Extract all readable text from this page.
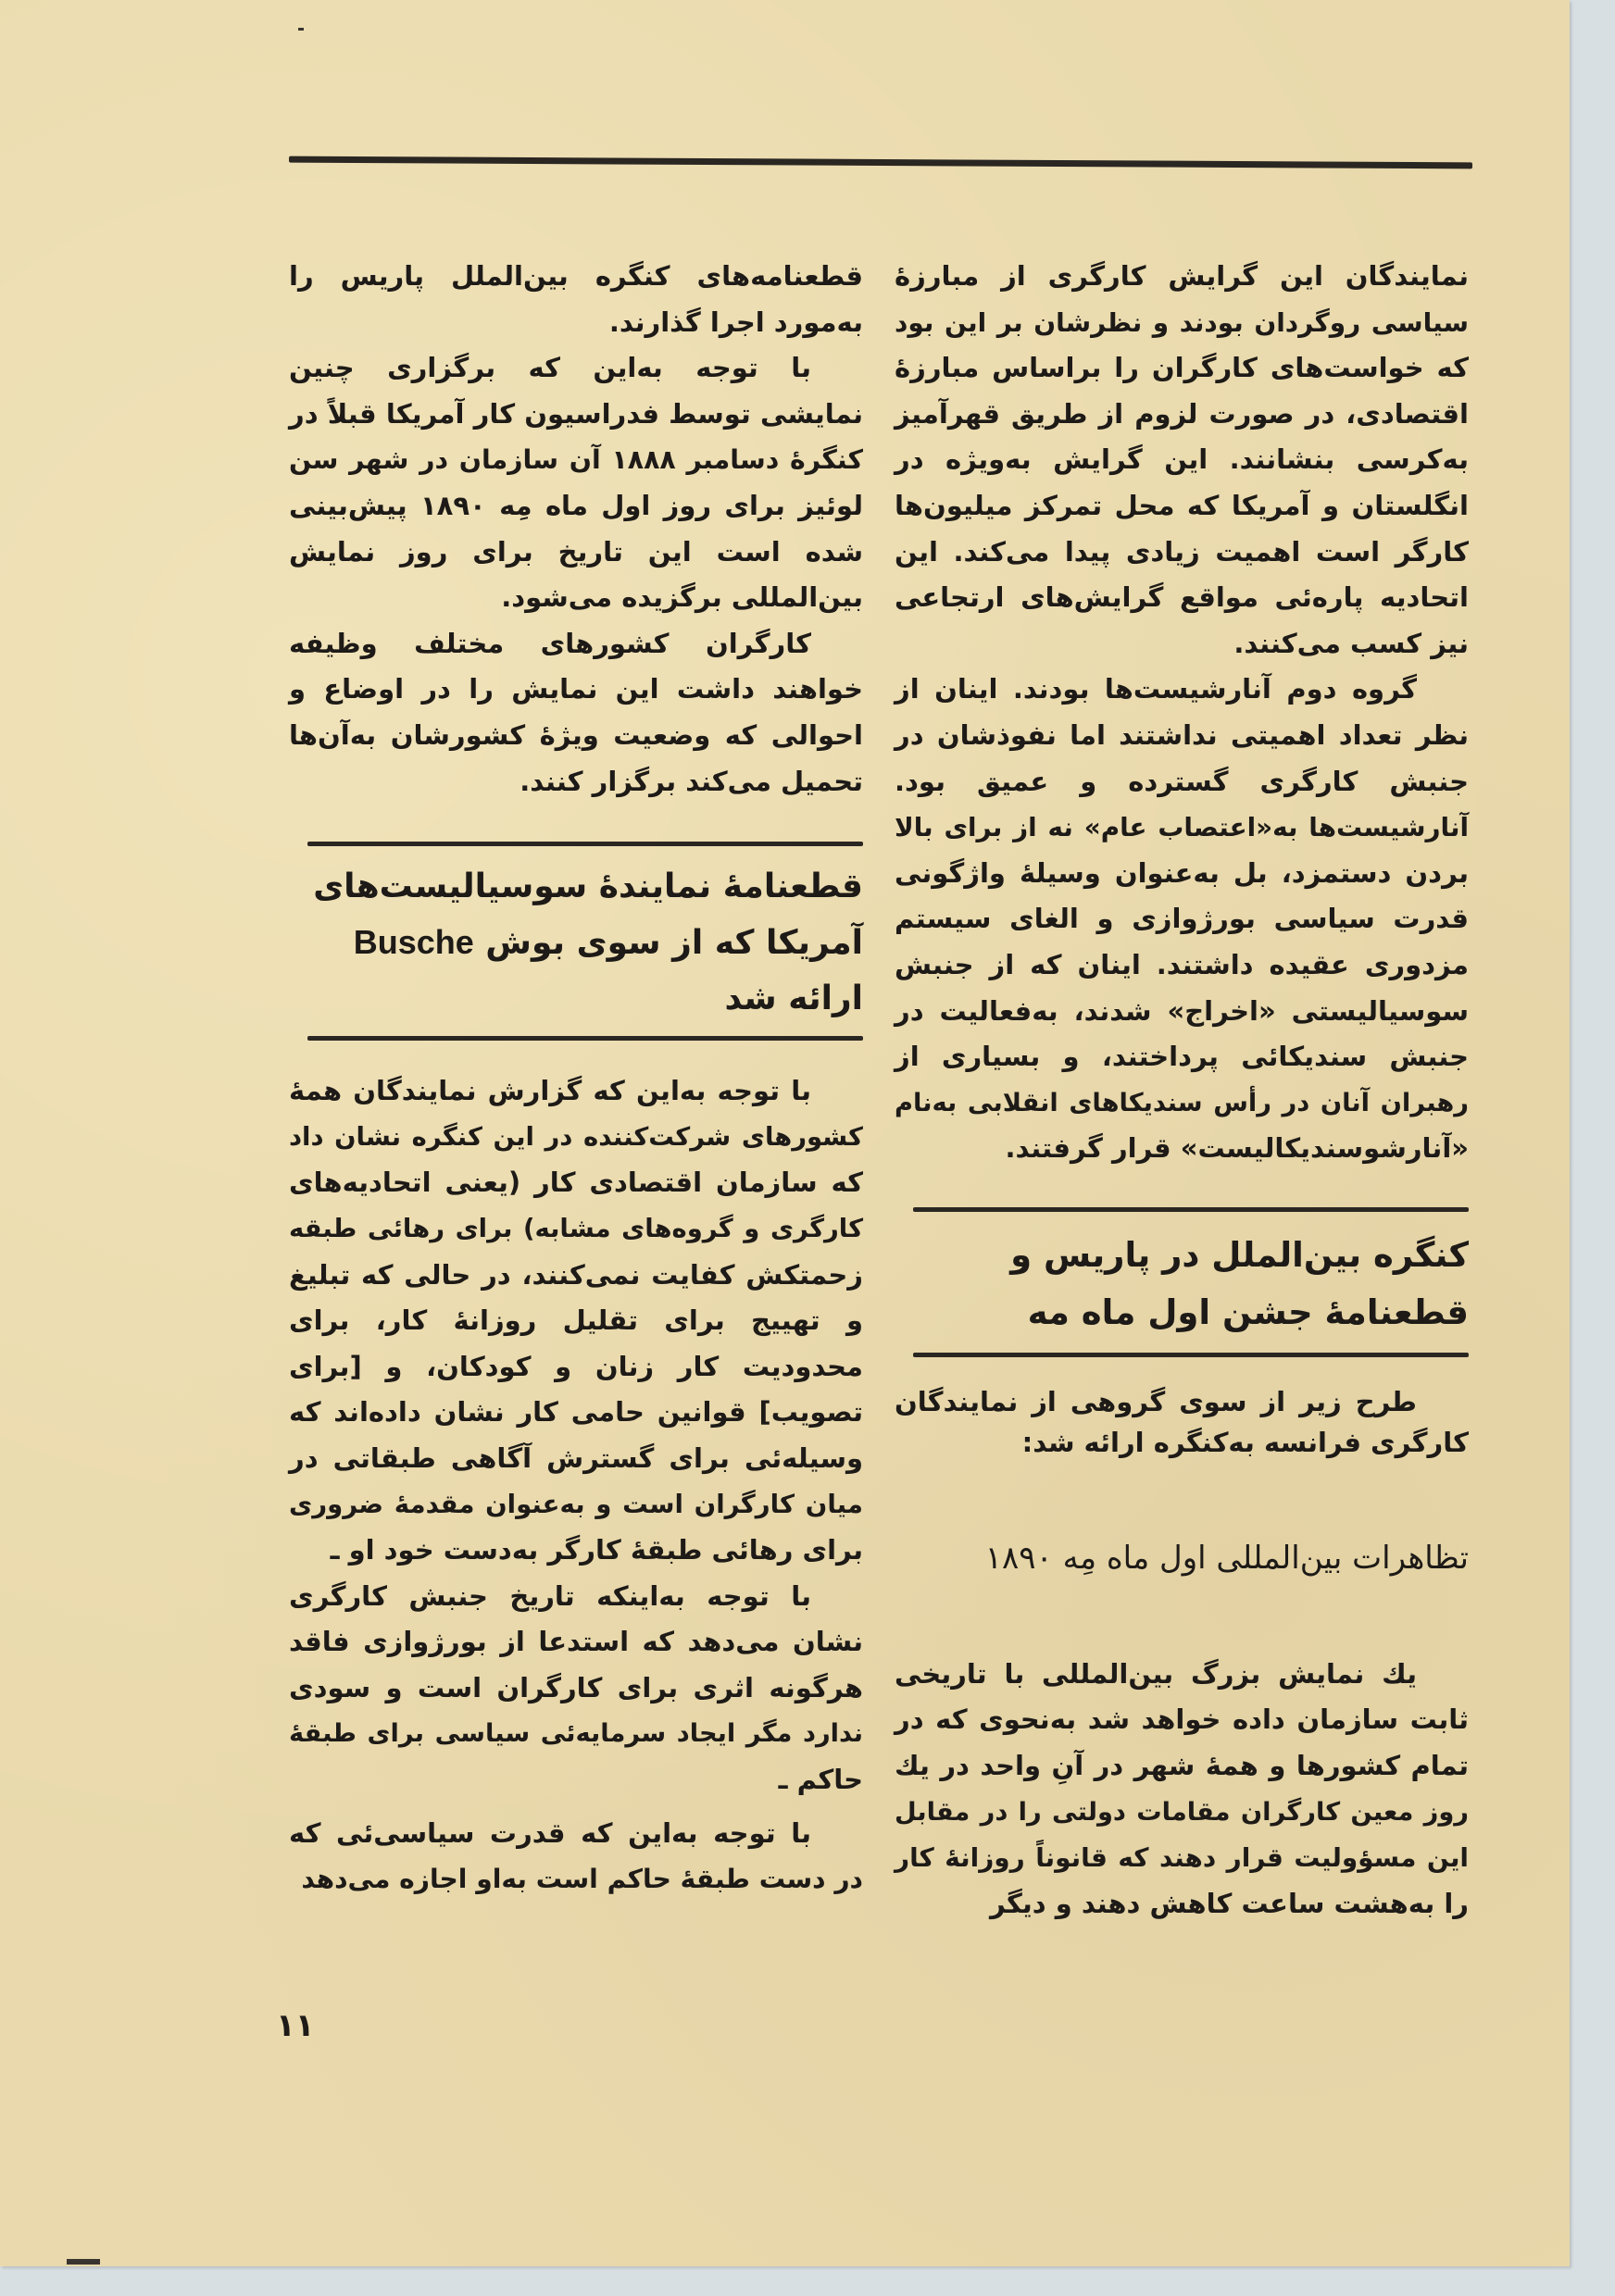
نمایندگان این گرایش کارگری از مبارزهٔ
سیاسی روگردان بودند و نظرشان بر این بود
که خواست‌های کارگران را براساس مبارزهٔ
اقتصادی، در صورت لزوم از طریق قهرآمیز
به‌کرسی بنشانند. این گرایش به‌ویژه در
انگلستان و آمریکا که محل تمرکز میلیون‌ها
کارگر است اهمیت زیادی پیدا می‌کند. این
اتحادیه پاره‌ئی مواقع گرایش‌های ارتجاعی
نیز کسب می‌کنند.
گروه دوم آنارشیست‌ها بودند. اینان از
نظر تعداد اهمیتی نداشتند اما نفوذشان در
جنبش کارگری گسترده و عمیق بود.
آنارشیست‌ها به«اعتصاب عام» نه از برای بالا
بردن دستمزد، بل به‌عنوان وسیلهٔ واژگونی
قدرت سیاسی بورژوازی و الغای سیستم
مزدوری عقیده داشتند. اینان که از جنبش
سوسیالیستی «اخراج» شدند، به‌فعالیت در
جنبش سندیکائی پرداختند، و بسیاری از
رهبران آنان در رأس سندیکاهای انقلابی به‌نام
«آنارشوسندیکالیست» قرار گرفتند.
کنگره بین‌الملل در پاریس و
قطعنامهٔ جشن اول ماه مه
طرح زیر از سوی گروهی از نمایندگان
کارگری فرانسه به‌کنگره ارائه شد:
تظاهرات بین‌المللی اول ماه مِه ۱۸۹۰
یك نمایش بزرگ بین‌المللی با تاریخی
ثابت سازمان داده خواهد شد به‌نحوی که در
تمام کشورها و همهٔ شهر در آنِ واحد در یك
روز معین کارگران مقامات دولتی را در مقابل
این مسؤولیت قرار دهند که قانوناً روزانهٔ کار
را به‌هشت ساعت کاهش دهند و دیگر
قطعنامه‌های کنگره بین‌الملل پاریس را
به‌مورد اجرا گذارند.
با توجه به‌این که برگزاری چنین
نمایشی توسط فدراسیون کار آمریکا قبلاً در
کنگرهٔ دسامبر ۱۸۸۸ آن سازمان در شهر سن
لوئیز برای روز اول ماه مِه ۱۸۹۰ پیش‌بینی
شده است این تاریخ برای روز نمایش
بین‌المللی برگزیده می‌شود.
کارگران کشورهای مختلف وظیفه
خواهند داشت این نمایش را در اوضاع و
احوالی که وضعیت ویژهٔ کشورشان به‌آن‌ها
تحمیل می‌کند برگزار کنند.
قطعنامهٔ نمایندهٔ سوسیالیست‌های
آمریکا که از سوی بوش Busche
ارائه شد
با توجه به‌این که گزارش نمایندگان همهٔ
کشورهای شرکت‌کننده در این کنگره نشان داد
که سازمان اقتصادی کار (یعنی اتحادیه‌های
کارگری و گروه‌های مشابه) برای رهائی طبقه
زحمتکش کفایت نمی‌کنند، در حالی که تبلیغ
و تهییج برای تقلیل روزانهٔ کار، برای
محدودیت کار زنان و کودکان، و [برای
تصویب] قوانین حامی کار نشان داده‌اند که
وسیله‌ئی برای گسترش آگاهی طبقاتی در
میان کارگران است و به‌عنوان مقدمهٔ ضروری
برای رهائی طبقهٔ کارگر به‌دست خود او ـ
با توجه به‌اینکه تاریخ جنبش کارگری
نشان می‌دهد که استدعا از بورژوازی فاقد
هرگونه اثری برای کارگران است و سودی
ندارد مگر ایجاد سرمایه‌ئی سیاسی برای طبقهٔ
حاکم ـ
با توجه به‌این که قدرت سیاسی‌ئی که
در دست طبقهٔ حاکم است به‌او اجازه می‌دهد
۱۱
